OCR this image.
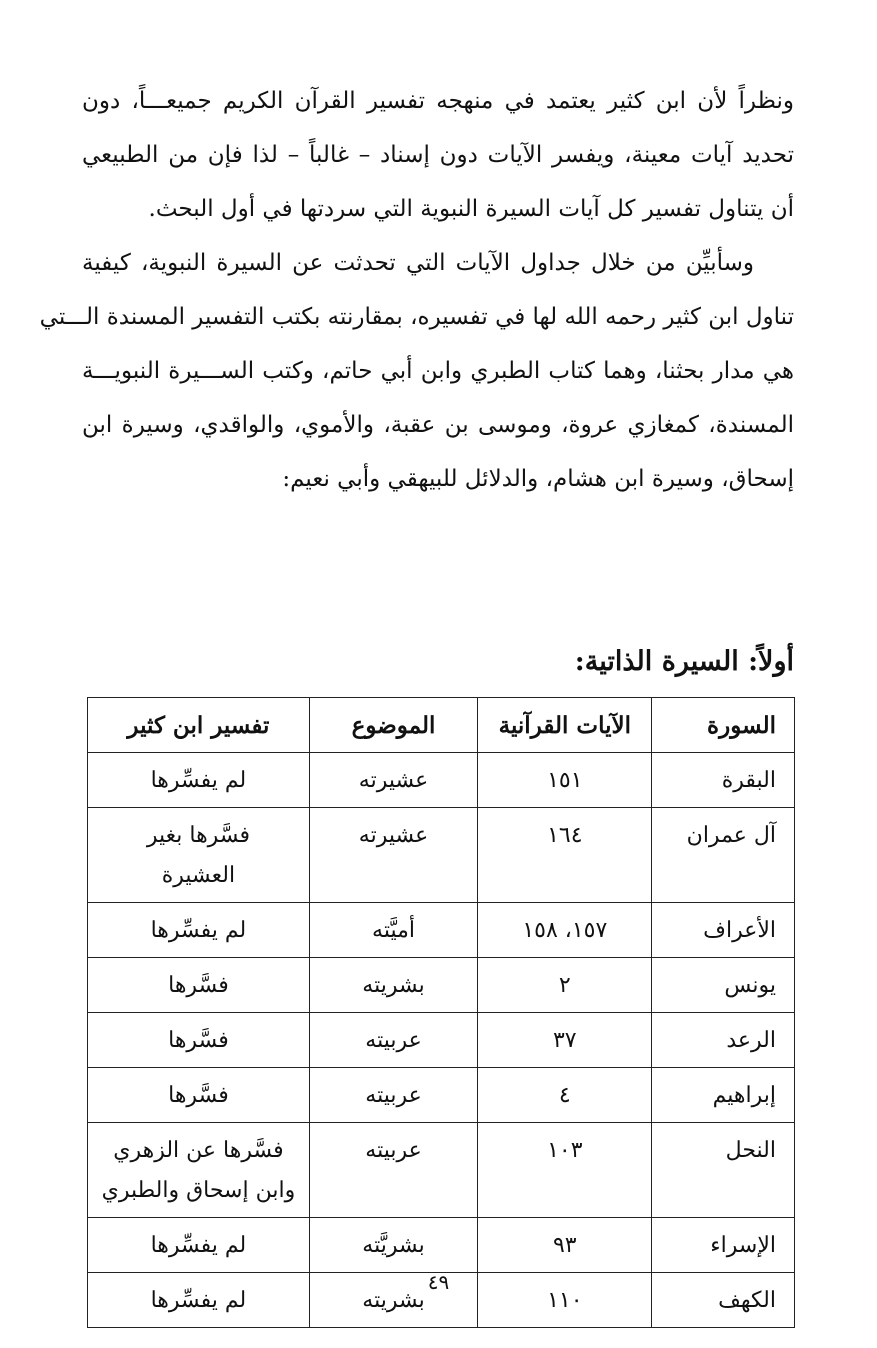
ونظراً لأن ابن كثير يعتمد في منهجه تفسير القرآن الكريم جميعـــاً، دون
تحديد آيات معينة، ويفسر الآيات دون إسناد – غالباً – لذا فإن من الطبيعي
أن يتناول تفسير كل آيات السيرة النبوية التي سردتها في أول البحث.

وسأبيِّن من خلال جداول الآيات التي تحدثت عن السيرة النبوية، كيفية
تناول ابن كثير رحمه الله لها في تفسيره، بمقارنته بكتب التفسير المسندة الـــتي
هي مدار بحثنا، وهما كتاب الطبري وابن أبي حاتم، وكتب الســـيرة النبويـــة
المسندة، كمغازي عروة، وموسى بن عقبة، والأموي، والواقدي، وسيرة ابن
إسحاق، وسيرة ابن هشام، والدلائل للبيهقي وأبي نعيم:

أولاً: السيرة الذاتية:
السورة	الآيات القرآنية	الموضوع	تفسير ابن كثير
البقرة	١٥١	عشيرته	لم يفسِّرها

آل عمران	١٦٤	عشيرته	فسَّرها بغير
العشيرة

الأعراف	١٥٧، ١٥٨	أميَّته	لم يفسِّرها

يونس	٢	بشريته	فسَّرها

الرعد	٣٧	عربيته	فسَّرها

إبراهيم	٤	عربيته	فسَّرها

النحل	١٠٣	عربيته	فسَّرها عن الزهري
وابن إسحاق والطبري

الإسراء	٩٣	بشريَّته	لم يفسِّرها

الكهف	١١٠	بشريته	لم يفسِّرها
٤٩
